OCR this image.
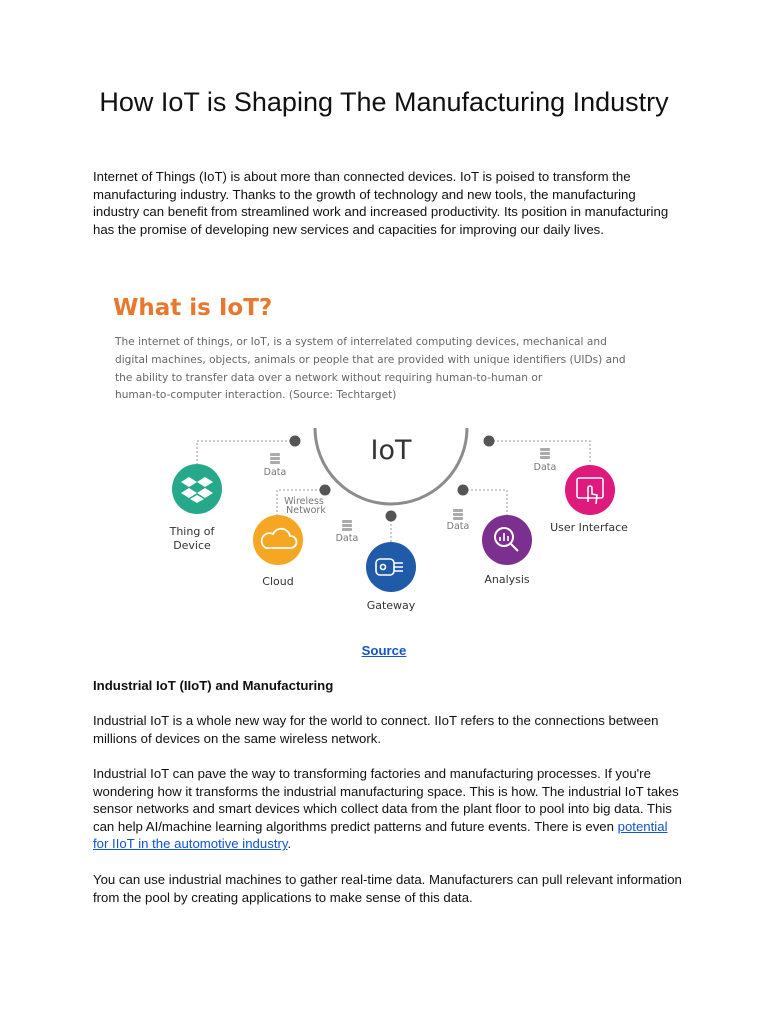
How IoT is Shaping The Manufacturing Industry

Internet of Things (IoT) is about more than connected devices. IoT is poised to transform the manufacturing industry. Thanks to the growth of technology and new tools, the manufacturing industry can benefit from streamlined work and increased productivity. Its position in manufacturing has the promise of developing new services and capacities for improving our daily lives.

What is IoT?
The internet of things, or IoT, is a system of interrelated computing devices, mechanical and
digital machines, objects, animals or people that are provided with unique identifiers (UIDs) and
the ability to transfer data over a network without requiring human-to-human or
human-to-computer interaction. (Source: Techtarget)
IoT
Data
Wireless
Network
Data
Data
Data
Thing of
Device
Cloud
Gateway
Analysis
User Interface
Source

Industrial IoT (IIoT) and Manufacturing

Industrial IoT is a whole new way for the world to connect. IIoT refers to the connections between millions of devices on the same wireless network.

Industrial IoT can pave the way to transforming factories and manufacturing processes. If you're wondering how it transforms the industrial manufacturing space. This is how. The industrial IoT takes sensor networks and smart devices which collect data from the plant floor to pool into big data. This can help AI/machine learning algorithms predict patterns and future events. There is even potential for IIoT in the automotive industry.

You can use industrial machines to gather real-time data. Manufacturers can pull relevant information from the pool by creating applications to make sense of this data.
